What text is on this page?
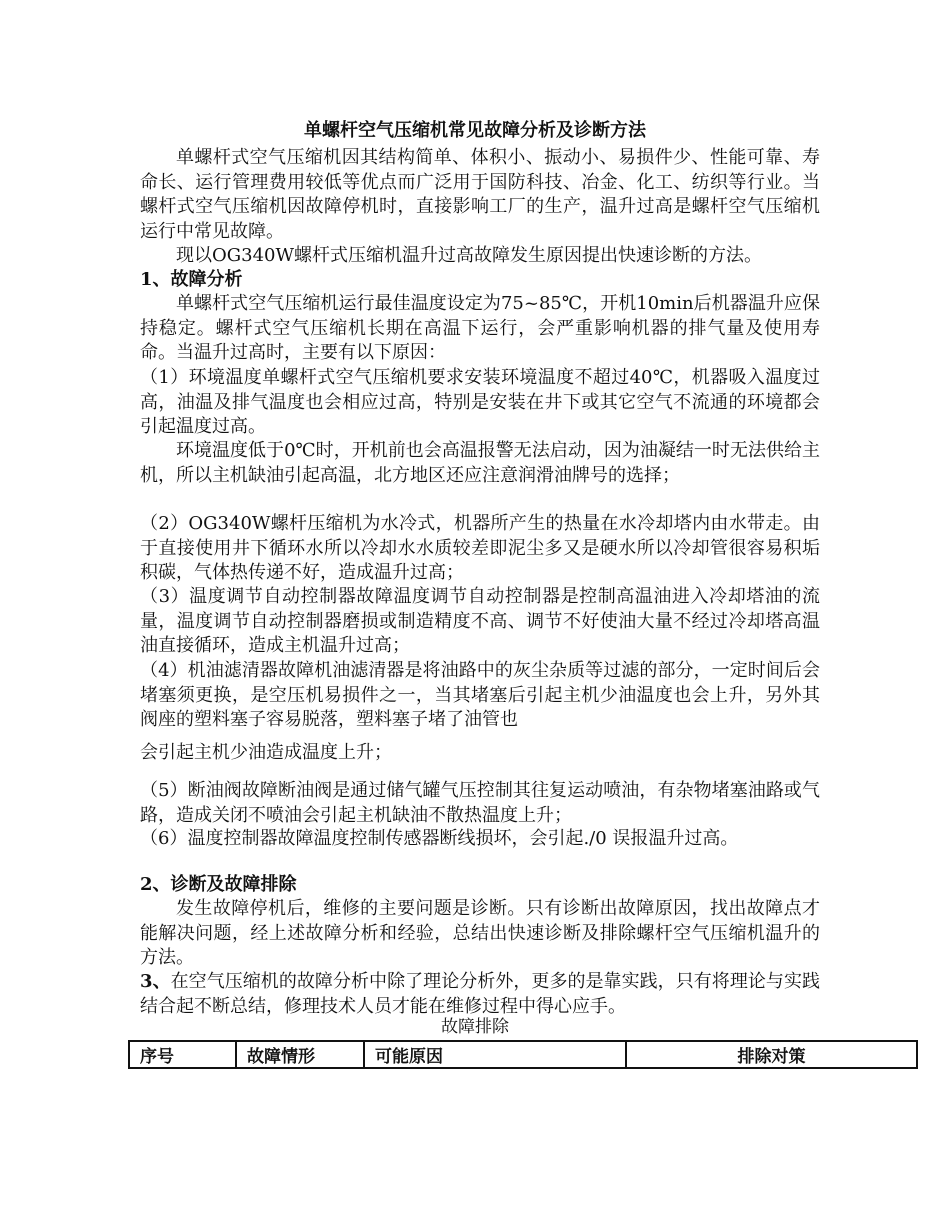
单螺杆空气压缩机常见故障分析及诊断方法
单螺杆式空气压缩机因其结构简单、体积小、振动小、易损件少、性能可靠、寿命长、运行管理费用较低等优点而广泛用于国防科技、冶金、化工、纺织等行业。当螺杆式空气压缩机因故障停机时，直接影响工厂的生产，温升过高是螺杆空气压缩机运行中常见故障。
现以OG340W螺杆式压缩机温升过高故障发生原因提出快速诊断的方法。
1、故障分析
单螺杆式空气压缩机运行最佳温度设定为75~85℃，开机10min后机器温升应保持稳定。螺杆式空气压缩机长期在高温下运行，会严重影响机器的排气量及使用寿命。当温升过高时，主要有以下原因：
（1）环境温度单螺杆式空气压缩机要求安装环境温度不超过40℃，机器吸入温度过高，油温及排气温度也会相应过高，特别是安装在井下或其它空气不流通的环境都会引起温度过高。
环境温度低于0℃时，开机前也会高温报警无法启动，因为油凝结一时无法供给主机，所以主机缺油引起高温，北方地区还应注意润滑油牌号的选择；
（2）OG340W螺杆压缩机为水冷式，机器所产生的热量在水冷却塔内由水带走。由于直接使用井下循环水所以冷却水水质较差即泥尘多又是硬水所以冷却管很容易积垢积碳，气体热传递不好，造成温升过高；
（3）温度调节自动控制器故障温度调节自动控制器是控制高温油进入冷却塔油的流量，温度调节自动控制器磨损或制造精度不高、调节不好使油大量不经过冷却塔高温油直接循环，造成主机温升过高；
（4）机油滤清器故障机油滤清器是将油路中的灰尘杂质等过滤的部分，一定时间后会堵塞须更换，是空压机易损件之一，当其堵塞后引起主机少油温度也会上升，另外其阀座的塑料塞子容易脱落，塑料塞子堵了油管也
会引起主机少油造成温度上升；
（5）断油阀故障断油阀是通过储气罐气压控制其往复运动喷油，有杂物堵塞油路或气路，造成关闭不喷油会引起主机缺油不散热温度上升；
（6）温度控制器故障温度控制传感器断线损坏，会引起./0 误报温升过高。
2、诊断及故障排除
发生故障停机后，维修的主要问题是诊断。只有诊断出故障原因，找出故障点才能解决问题，经上述故障分析和经验，总结出快速诊断及排除螺杆空气压缩机温升的方法。
3、在空气压缩机的故障分析中除了理论分析外，更多的是靠实践，只有将理论与实践结合起不断总结，修理技术人员才能在维修过程中得心应手。
故障排除
序号	故障情形	可能原因	排除对策
